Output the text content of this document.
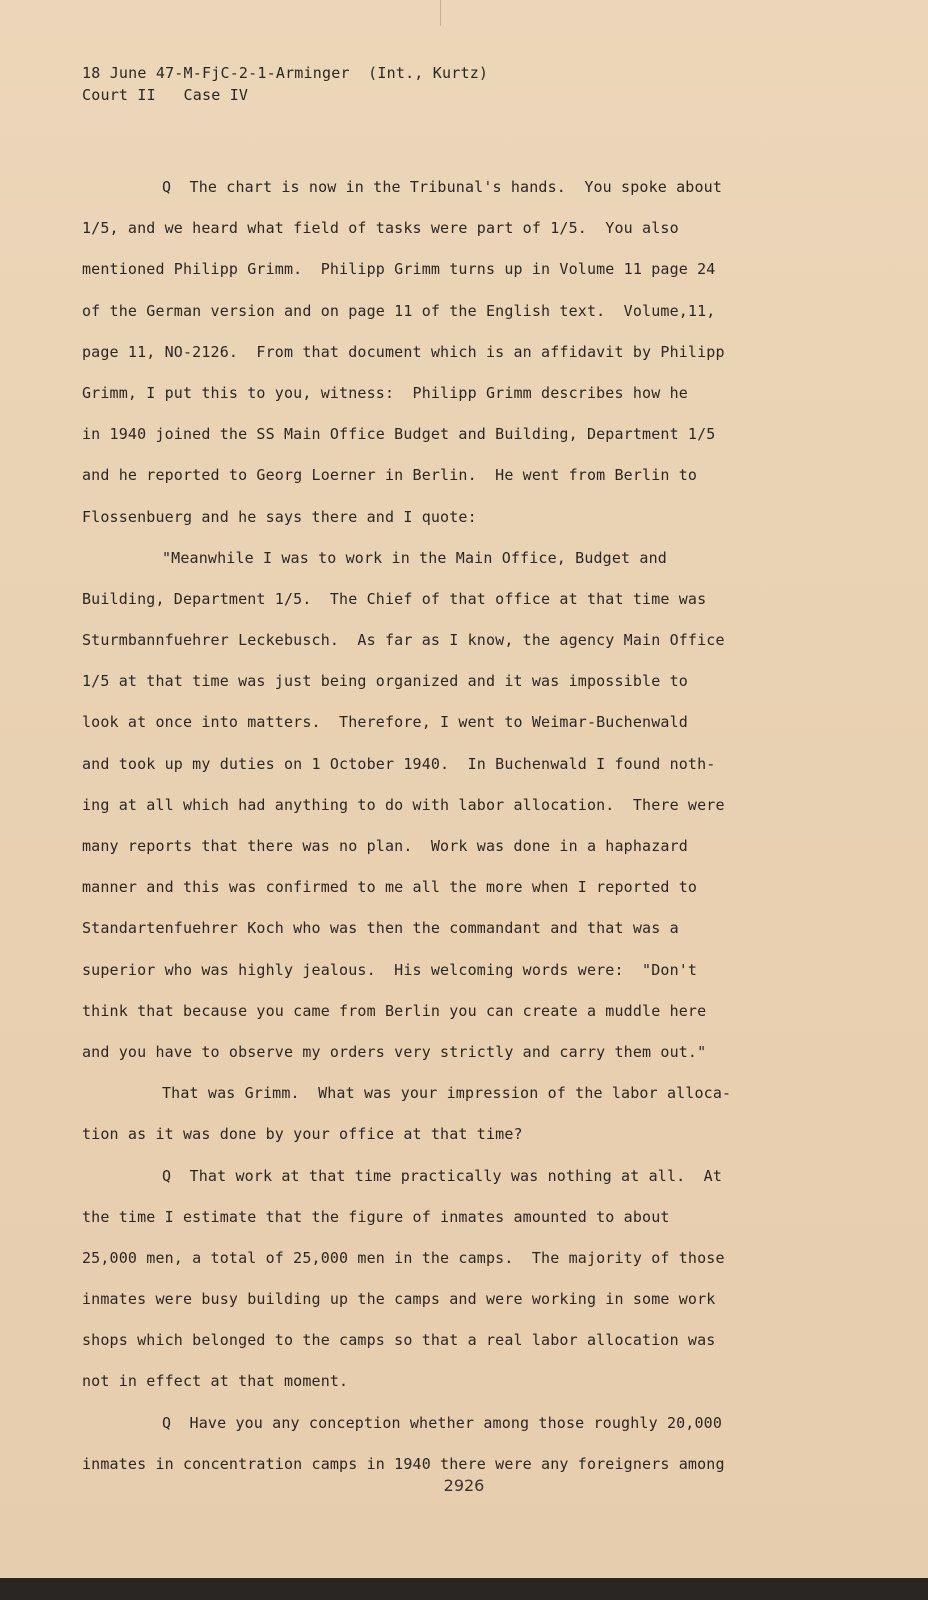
18 June 47-M-FjC-2-1-Arminger  (Int., Kurtz)
Court II   Case IV
Q  The chart is now in the Tribunal's hands.  You spoke about
1/5, and we heard what field of tasks were part of 1/5.  You also
mentioned Philipp Grimm.  Philipp Grimm turns up in Volume 11 page 24
of the German version and on page 11 of the English text.  Volume,11,
page 11, NO-2126.  From that document which is an affidavit by Philipp
Grimm, I put this to you, witness:  Philipp Grimm describes how he
in 1940 joined the SS Main Office Budget and Building, Department 1/5
and he reported to Georg Loerner in Berlin.  He went from Berlin to
Flossenbuerg and he says there and I quote:
"Meanwhile I was to work in the Main Office, Budget and
Building, Department 1/5.  The Chief of that office at that time was
Sturmbannfuehrer Leckebusch.  As far as I know, the agency Main Office
1/5 at that time was just being organized and it was impossible to
look at once into matters.  Therefore, I went to Weimar-Buchenwald
and took up my duties on 1 October 1940.  In Buchenwald I found noth-
ing at all which had anything to do with labor allocation.  There were
many reports that there was no plan.  Work was done in a haphazard
manner and this was confirmed to me all the more when I reported to
Standartenfuehrer Koch who was then the commandant and that was a
superior who was highly jealous.  His welcoming words were:  "Don't
think that because you came from Berlin you can create a muddle here
and you have to observe my orders very strictly and carry them out."
That was Grimm.  What was your impression of the labor alloca-
tion as it was done by your office at that time?
Q  That work at that time practically was nothing at all.  At
the time I estimate that the figure of inmates amounted to about
25,000 men, a total of 25,000 men in the camps.  The majority of those
inmates were busy building up the camps and were working in some work
shops which belonged to the camps so that a real labor allocation was
not in effect at that moment.
Q  Have you any conception whether among those roughly 20,000
inmates in concentration camps in 1940 there were any foreigners among
2926
